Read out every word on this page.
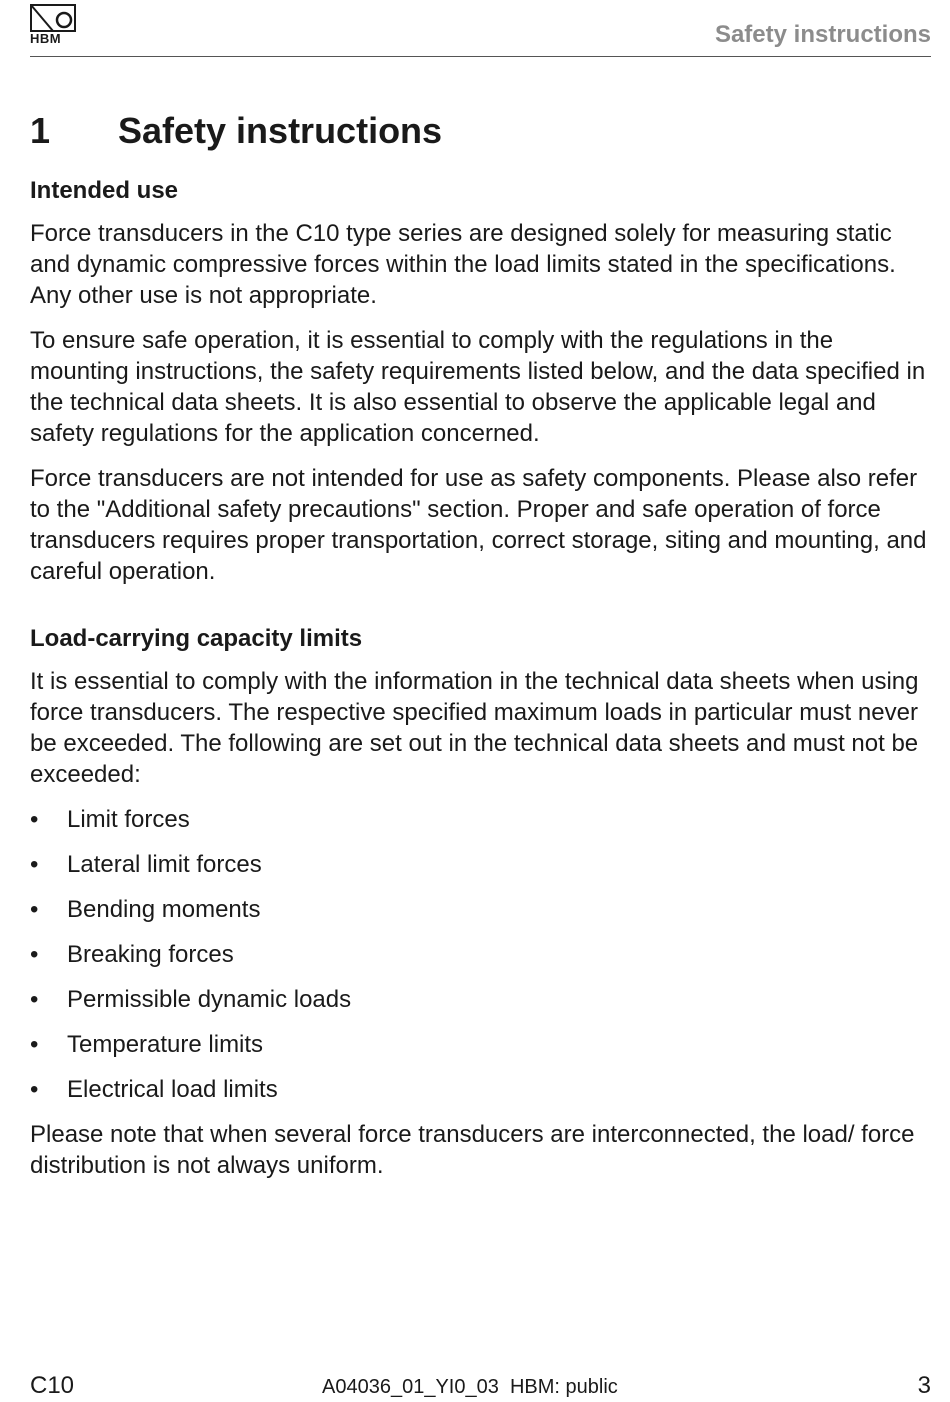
HBM	Safety instructions
1 Safety instructions
Intended use

Force transducers in the C10 type series are designed solely for measuring static and dynamic compressive forces within the load limits stated in the specifications. Any other use is not appropriate.

To ensure safe operation, it is essential to comply with the regulations in the mounting instructions, the safety requirements listed below, and the data specified in the technical data sheets. It is also essential to observe the applicable legal and safety regulations for the application concerned.

Force transducers are not intended for use as safety components. Please also refer to the "Additional safety precautions" section. Proper and safe operation of force transducers requires proper transportation, correct storage, siting and mounting, and careful operation.

Load-carrying capacity limits

It is essential to comply with the information in the technical data sheets when using force transducers. The respective specified maximum loads in particular must never be exceeded. The following are set out in the technical data sheets and must not be exceeded:

• Limit forces
• Lateral limit forces
• Bending moments
• Breaking forces
• Permissible dynamic loads
• Temperature limits
• Electrical load limits

Please note that when several force transducers are interconnected, the load/ force distribution is not always uniform.

C10	A04036_01_YI0_03  HBM: public	3
